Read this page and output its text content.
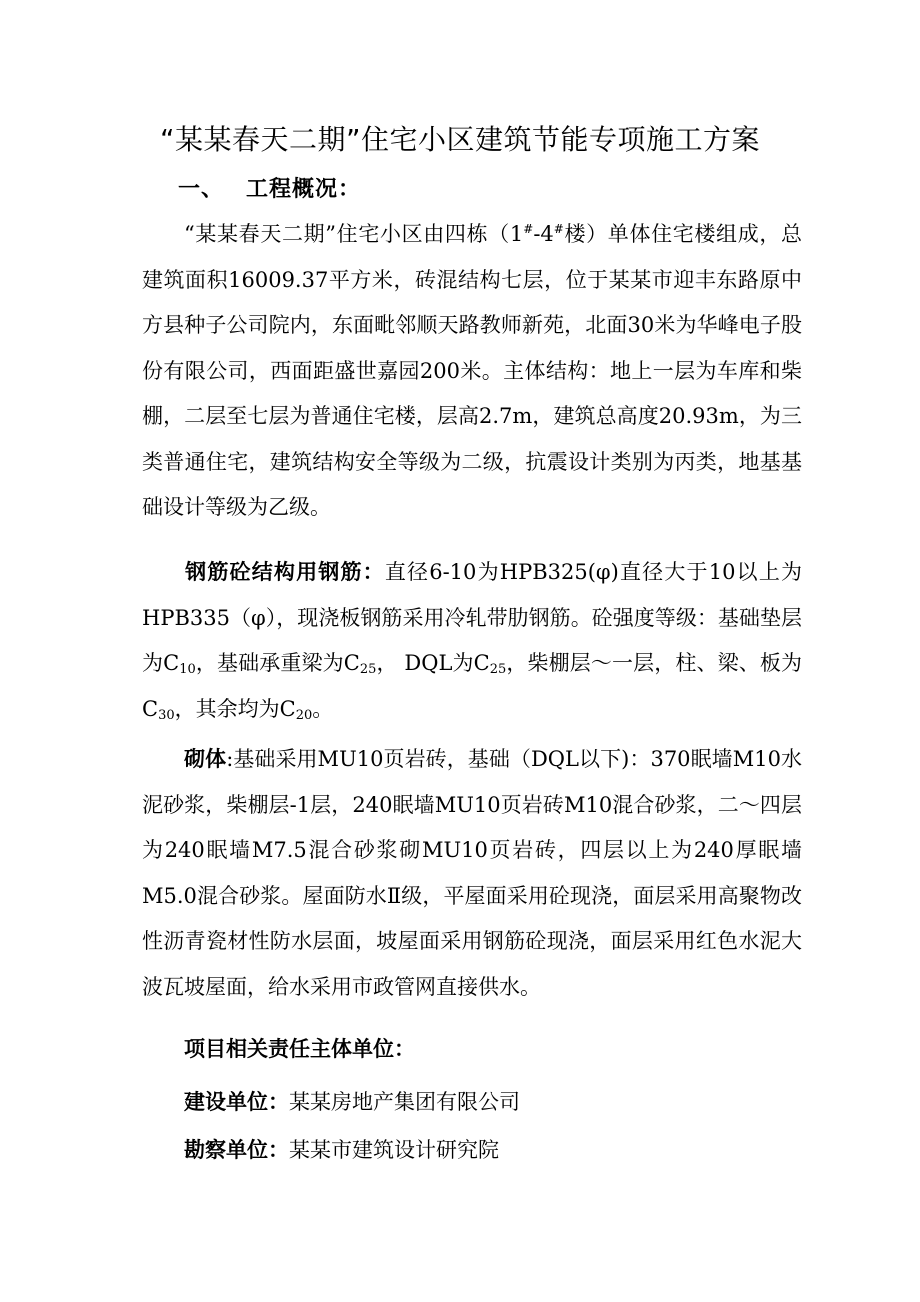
“某某春天二期”住宅小区建筑节能专项施工方案
一、 工程概况：

“某某春天二期”住宅小区由四栋（1#-4#楼）单体住宅楼组成，总建筑面积16009.37平方米，砖混结构七层，位于某某市迎丰东路原中方县种子公司院内，东面毗邻顺天路教师新苑，北面30米为华峰电子股份有限公司，西面距盛世嘉园200米。主体结构：地上一层为车库和柴棚，二层至七层为普通住宅楼，层高2.7m，建筑总高度20.93m，为三类普通住宅，建筑结构安全等级为二级，抗震设计类别为丙类，地基基础设计等级为乙级。

钢筋砼结构用钢筋：直径6-10为HPB325(φ)直径大于10以上为HPB335（φ），现浇板钢筋采用冷轧带肋钢筋。砼强度等级：基础垫层为$C_{10}$，基础承重梁为$C_{25}$， DQL为$C_{25}$，柴棚层～一层，柱、梁、板为$C_{30}$，其余均为$C_{20}$。

砌体:基础采用MU10页岩砖，基础（DQL以下)：370眠墙M10水泥砂浆，柴棚层-1层，240眠墙MU10页岩砖M10混合砂浆，二～四层为240眠墙M7.5混合砂浆砌MU10页岩砖，四层以上为240厚眠墙M5.0混合砂浆。屋面防水Ⅱ级，平屋面采用砼现浇，面层采用高聚物改性沥青瓷材性防水层面，坡屋面采用钢筋砼现浇，面层采用红色水泥大波瓦坡屋面，给水采用市政管网直接供水。

项目相关责任主体单位：

建设单位：某某房地产集团有限公司

勘察单位：某某市建筑设计研究院
